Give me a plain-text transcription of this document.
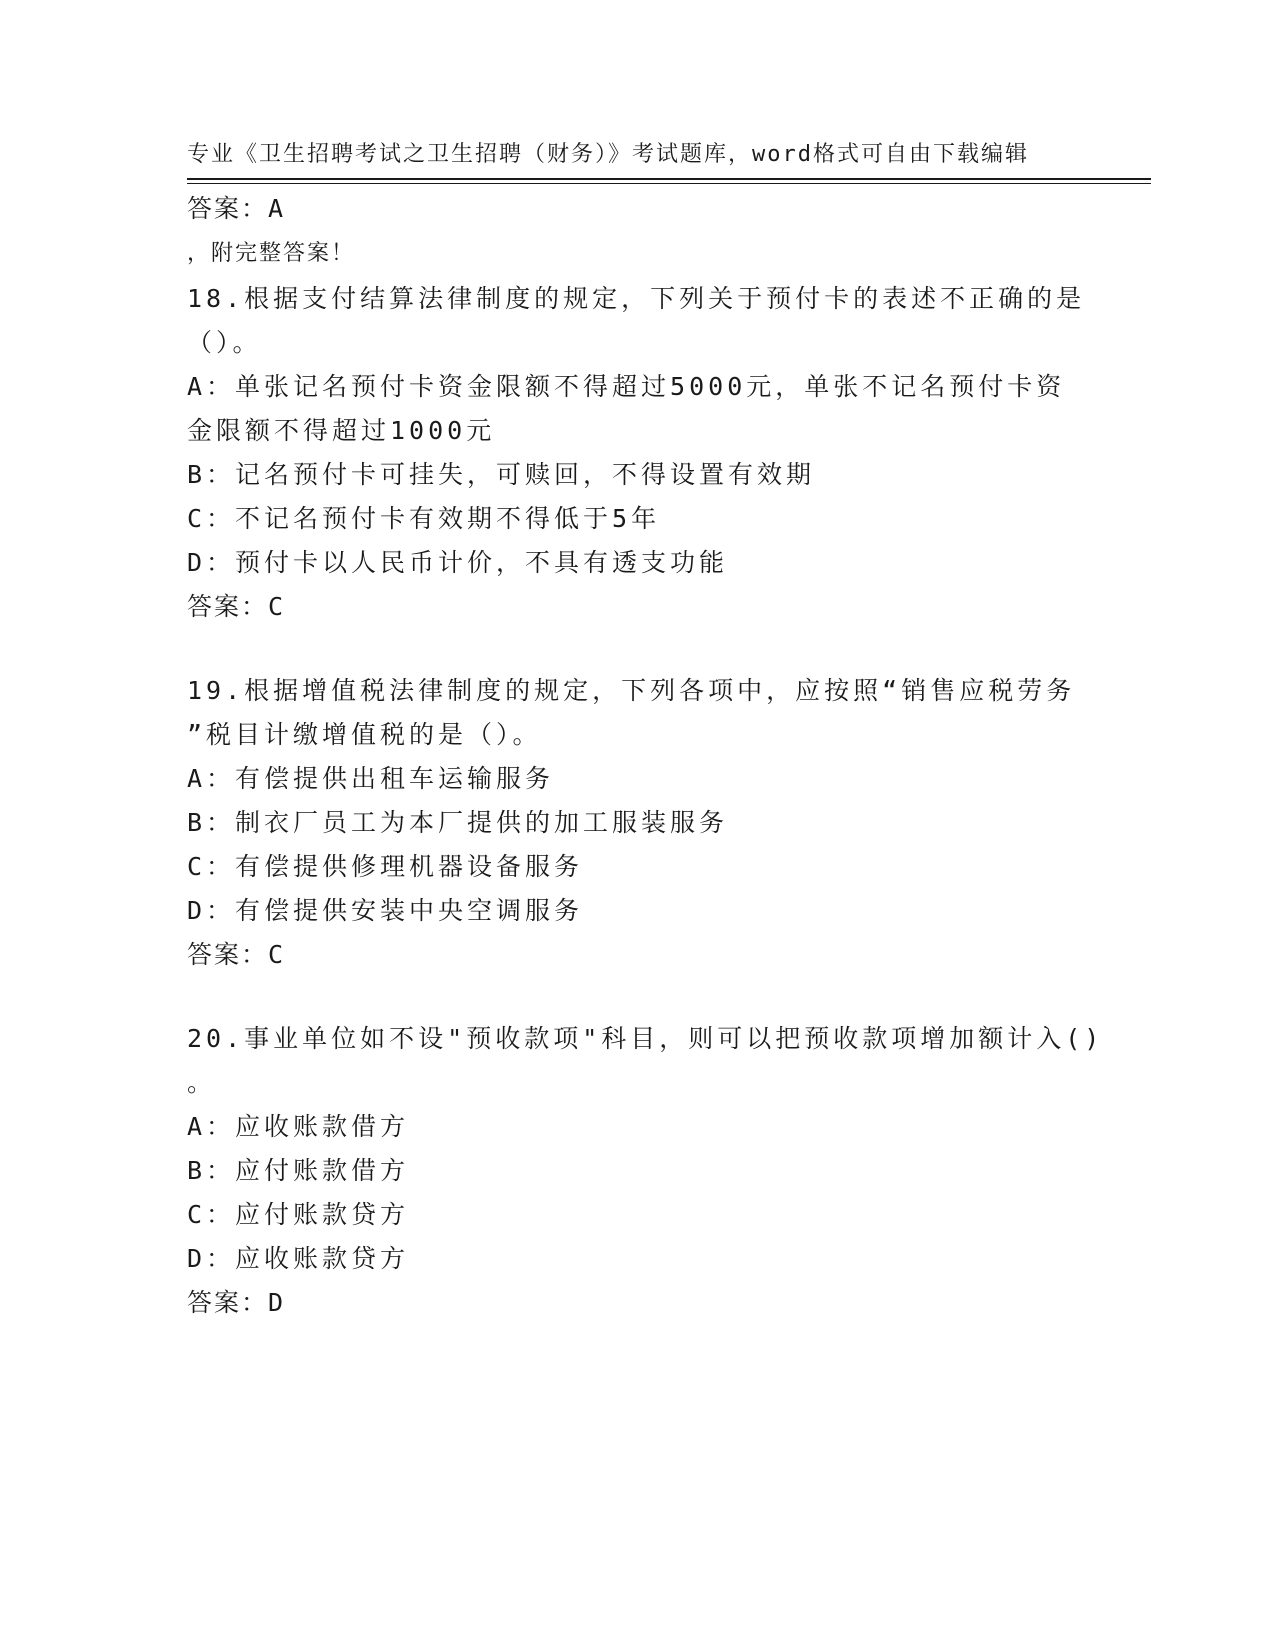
专业《卫生招聘考试之卫生招聘（财务）》考试题库，word格式可自由下载编辑

，附完整答案！

答案：A
18.根据支付结算法律制度的规定，下列关于预付卡的表述不正确的是
（）。
A：单张记名预付卡资金限额不得超过5000元，单张不记名预付卡资
金限额不得超过1000元
B：记名预付卡可挂失，可赎回，不得设置有效期
C：不记名预付卡有效期不得低于5年
D：预付卡以人民币计价，不具有透支功能
答案：C
19.根据增值税法律制度的规定，下列各项中，应按照“销售应税劳务
”税目计缴增值税的是（）。
A：有偿提供出租车运输服务
B：制衣厂员工为本厂提供的加工服装服务
C：有偿提供修理机器设备服务
D：有偿提供安装中央空调服务
答案：C
20.事业单位如不设"预收款项"科目，则可以把预收款项增加额计入()
。
A：应收账款借方
B：应付账款借方
C：应付账款贷方
D：应收账款贷方
答案：D
